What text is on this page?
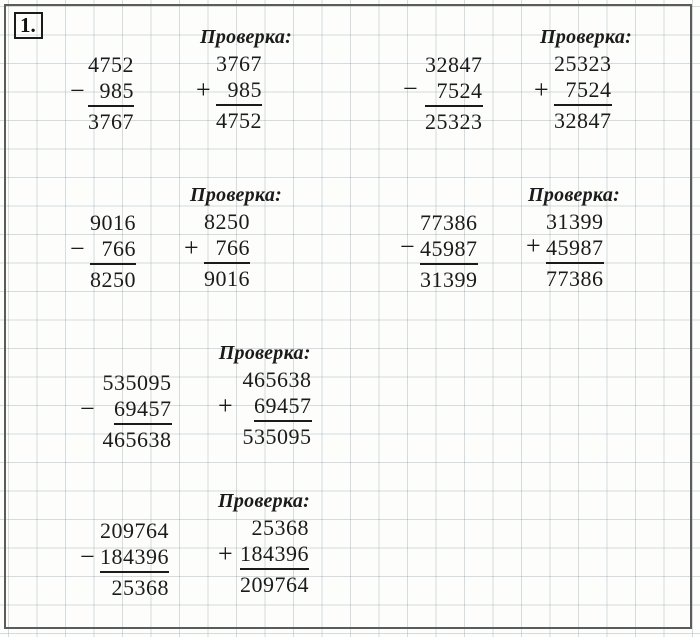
1.
−
4752
985
3767
Проверка:
+
3767
985
4752
−
32847
7524
25323
Проверка:
+
25323
7524
32847
−
9016
766
8250
Проверка:
+
8250
766
9016
−
77386
45987
31399
Проверка:
+
31399
45987
77386
−
535095
69457
465638
Проверка:
+
465638
69457
535095
−
209764
184396
25368
Проверка:
+
25368
184396
209764
